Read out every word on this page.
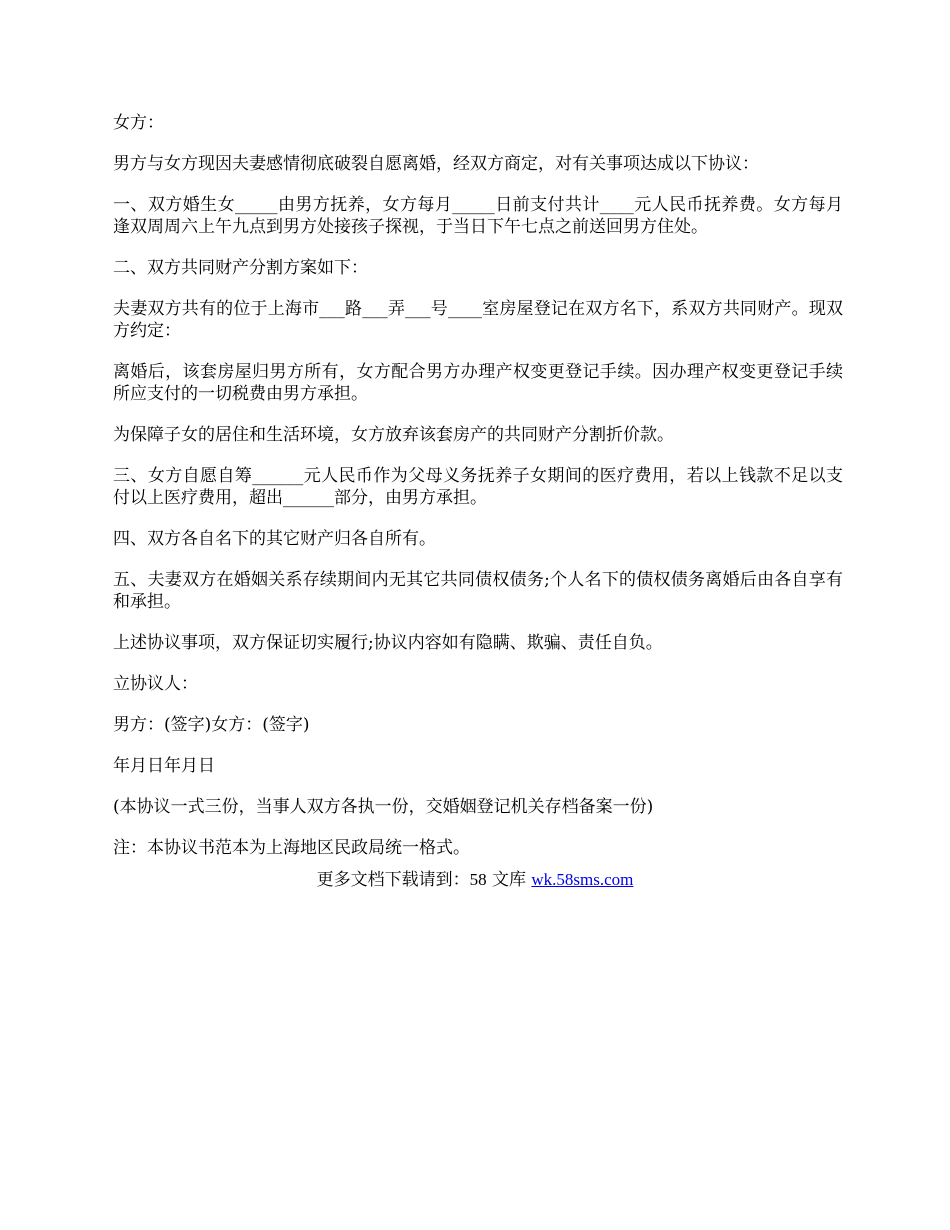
女方：

男方与女方现因夫妻感情彻底破裂自愿离婚，经双方商定，对有关事项达成以下协议：

一、双方婚生女_____由男方抚养，女方每月_____日前支付共计____元人民币抚养费。女方每月逢双周周六上午九点到男方处接孩子探视，于当日下午七点之前送回男方住处。

二、双方共同财产分割方案如下：

夫妻双方共有的位于上海市___路___弄___号____室房屋登记在双方名下，系双方共同财产。现双方约定：

离婚后，该套房屋归男方所有，女方配合男方办理产权变更登记手续。因办理产权变更登记手续所应支付的一切税费由男方承担。

为保障子女的居住和生活环境，女方放弃该套房产的共同财产分割折价款。

三、女方自愿自筹______元人民币作为父母义务抚养子女期间的医疗费用，若以上钱款不足以支付以上医疗费用，超出______部分，由男方承担。

四、双方各自名下的其它财产归各自所有。

五、夫妻双方在婚姻关系存续期间内无其它共同债权债务;个人名下的债权债务离婚后由各自享有和承担。

上述协议事项，双方保证切实履行;协议内容如有隐瞒、欺骗、责任自负。

立协议人：

男方：(签字)女方：(签字)

年月日年月日

(本协议一式三份，当事人双方各执一份，交婚姻登记机关存档备案一份)

注：本协议书范本为上海地区民政局统一格式。

更多文档下载请到：58 文库 wk.58sms.com
